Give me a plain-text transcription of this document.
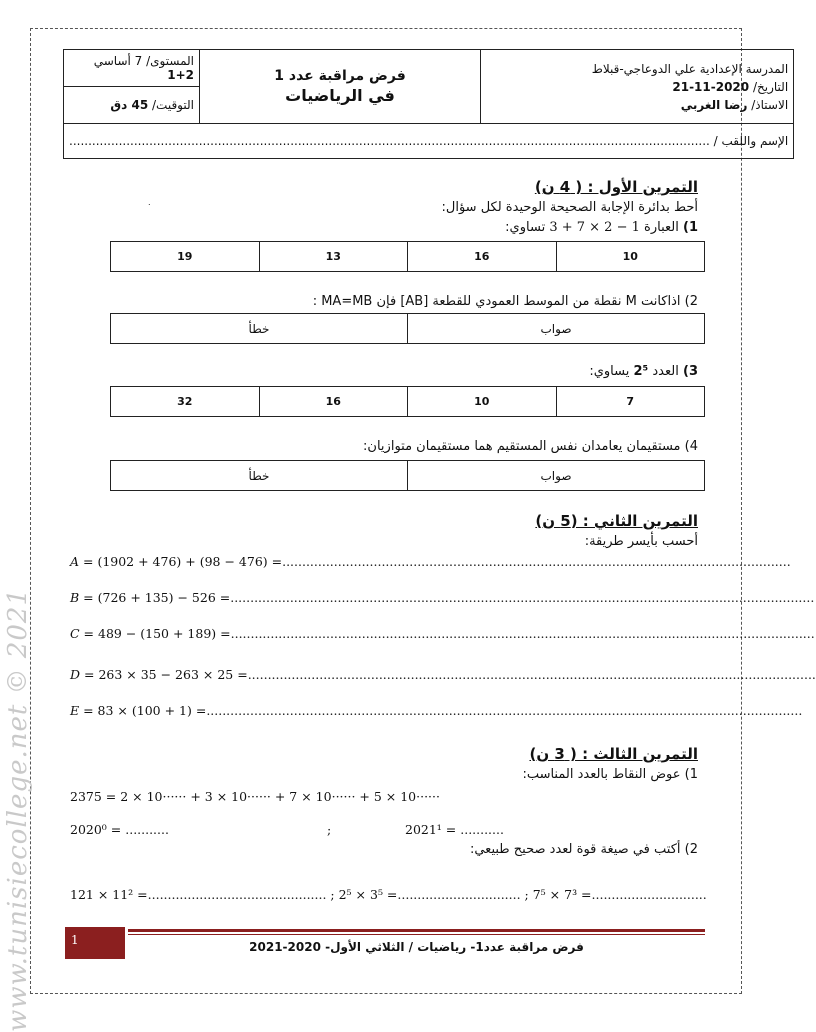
www.tunisiecollege.net © 2021
المستوى/ 7 أساسي 1+2	فرض مراقبة عدد 1
في الرياضيات

المدرسة الإعدادية علي الدوعاجي-قبلاط
التاريخ/ 2020-11-21
الاستاذ/ رضا الغربي

التوقيت/ 45 دق
الإسم واللقب / ........................................................................................................................................................................
التمرين الأول : ( 4 ن)
.	أحط بدائرة الإجابة الصحيحة الوحيدة لكل سؤال:
1) العبارة 3 + 7 × 2 − 1 تساوي:
19	13	16	10
2) اذاكانت M نقطة من الموسط العمودي للقطعة [AB] فإن MA=MB :
خطأ	صواب
3) العدد 2⁵ يساوي:
32	16	10	7
4) مستقيمان يعامدان نفس المستقيم هما مستقيمان متوازيان:
خطأ	صواب
التمرين الثاني : (5 ن)
أحسب بأيسر طريقة:
A = (1902 + 476) + (98 − 476) =................................................................................................................................
B = (726 + 135) − 526 =...................................................................................................................................................
C = 489 − (150 + 189) =...................................................................................................................................................
D = 263 × 35 − 263 × 25 =...............................................................................................................................................
E = 83 × (100 + 1) =......................................................................................................................................................
التمرين الثالث : ( 3 ن)
1) عوض النقاط بالعدد المناسب:
2375 = 2 × 10······ + 3 × 10······ + 7 × 10······ + 5 × 10······
2020⁰ = ...........	;	2021¹ = ...........
2) أكتب في صيغة قوة لعدد صحيح طبيعي:
121 × 11² =............................................. ; 2⁵ × 3⁵ =............................... ; 7⁵ × 7³ =.............................
1	فرض مراقبة عدد1- رياضيات / الثلاثي الأول- 2020-2021
